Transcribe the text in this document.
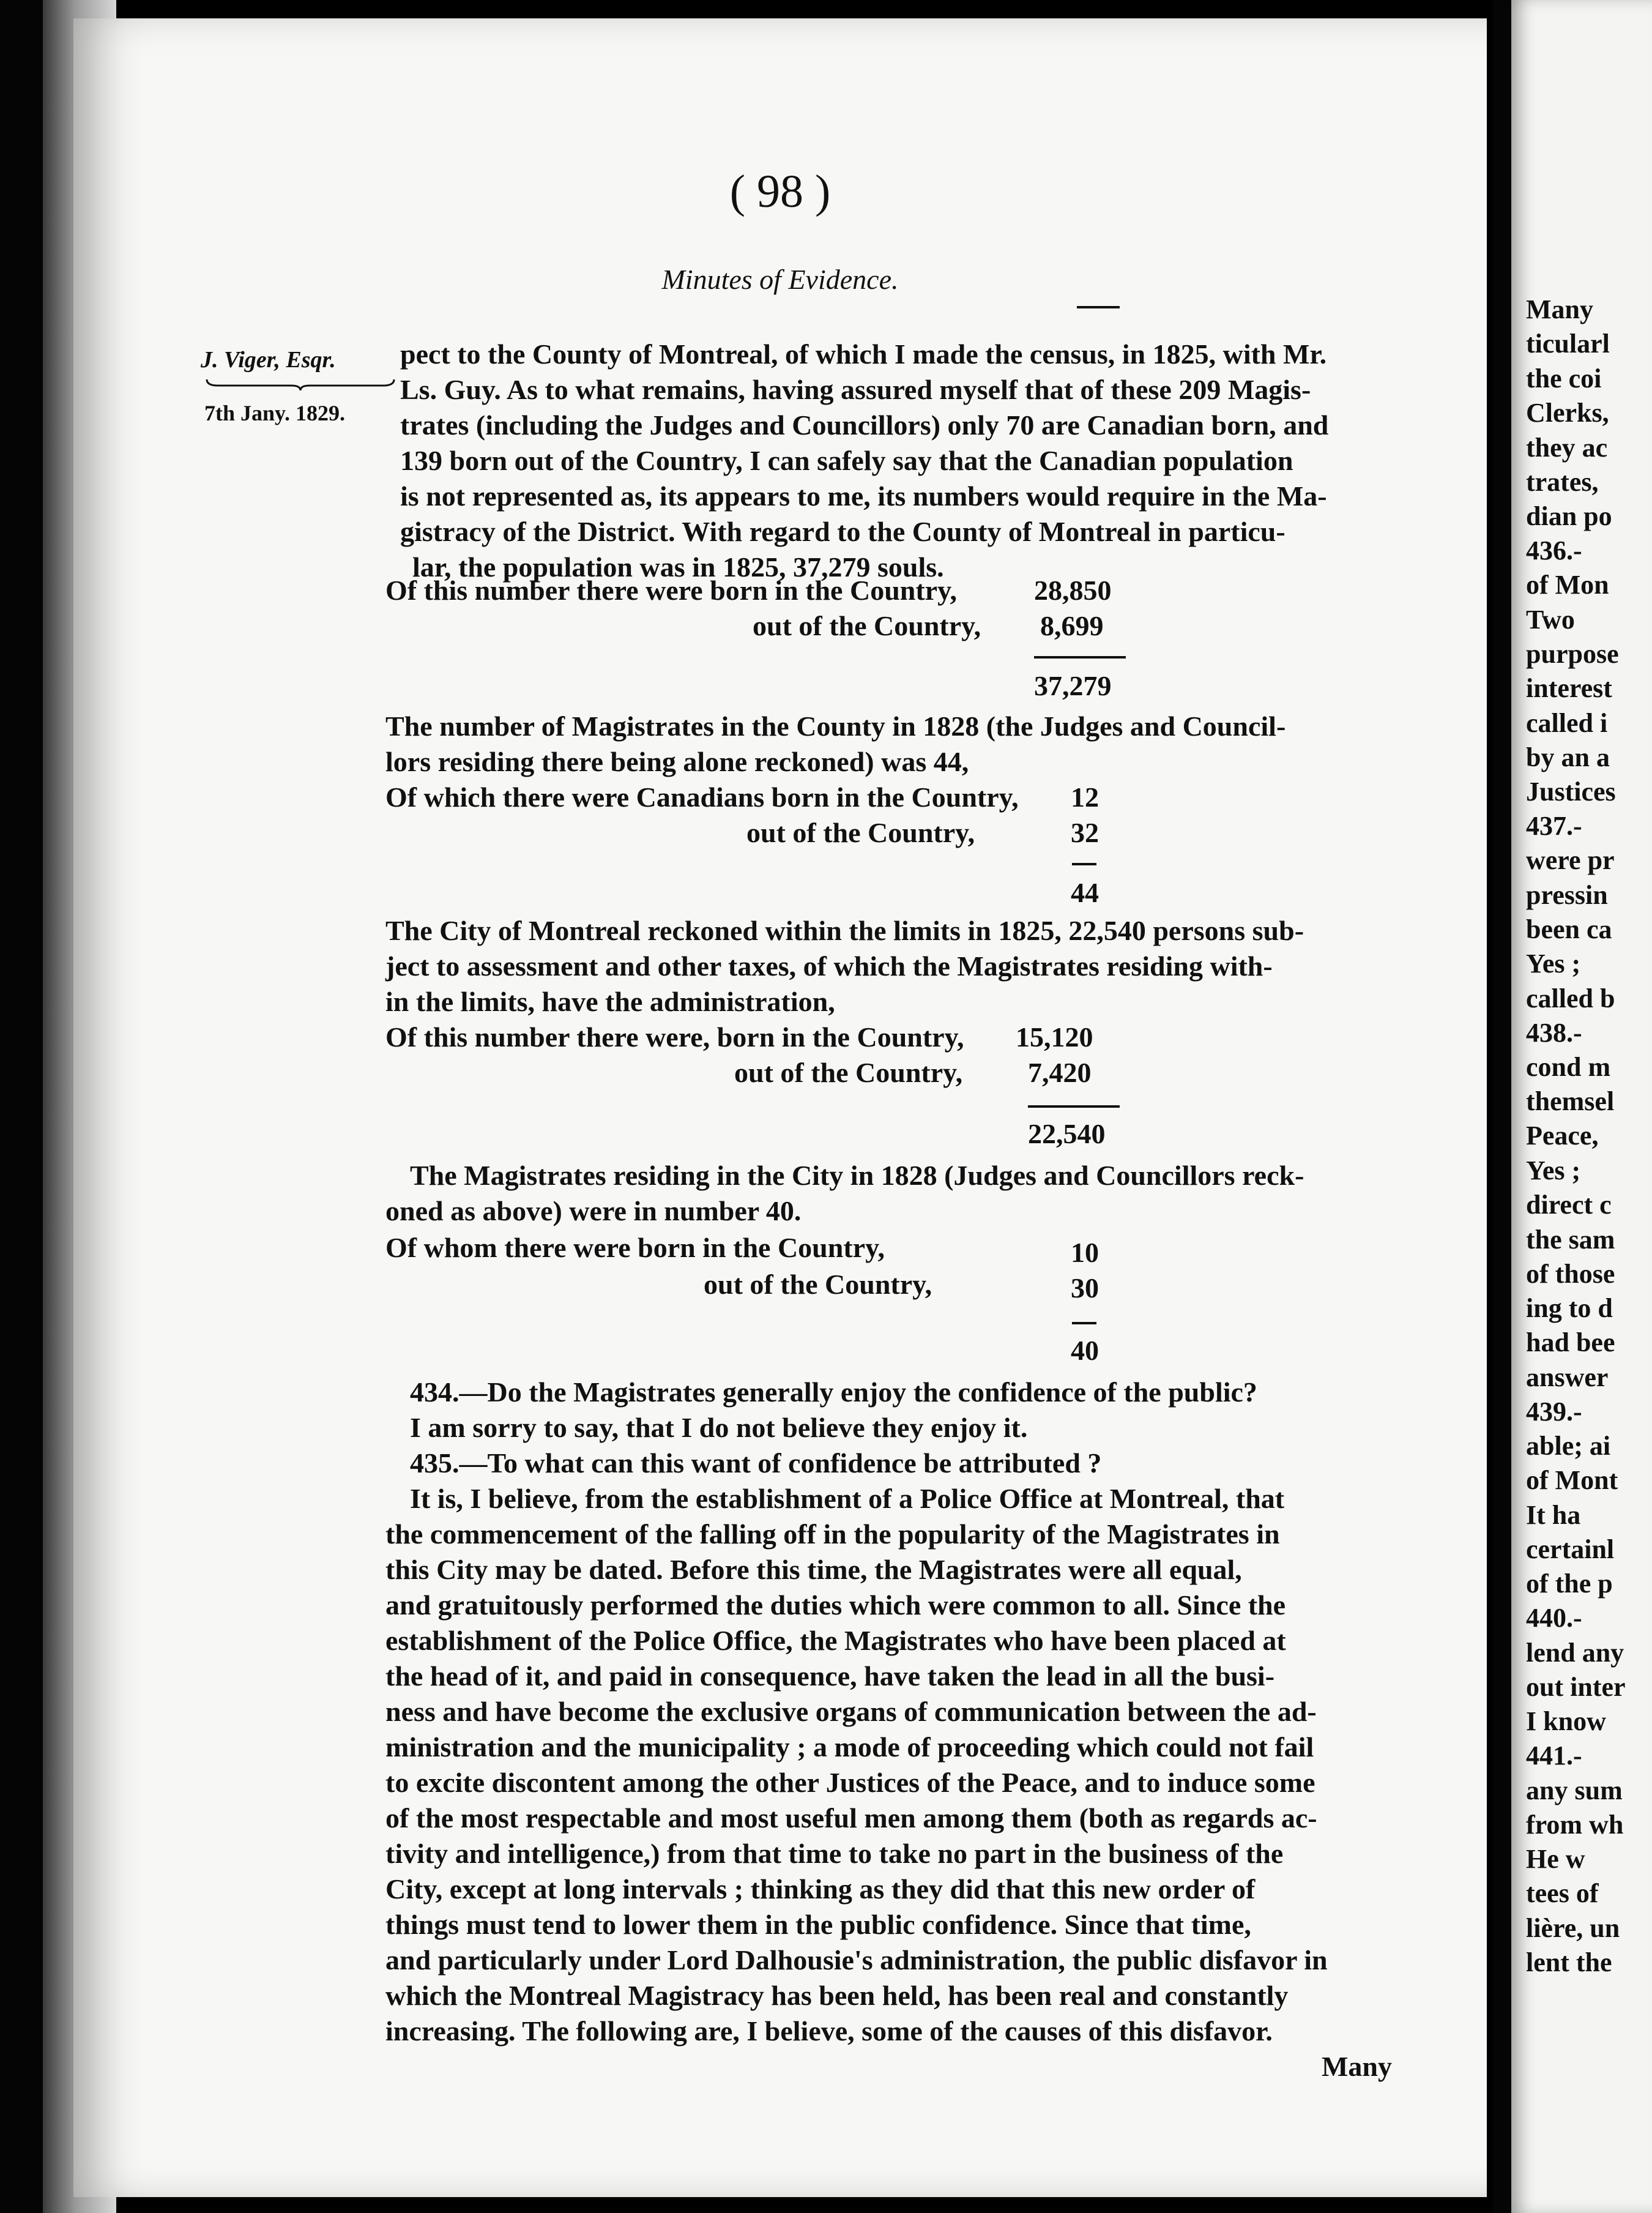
( 98 )
Minutes of Evidence.
J. Viger, Esqr.
7th Jany. 1829.
pect to the County of Montreal, of which I made the census, in 1825, with Mr.
Ls. Guy. As to what remains, having assured myself that of these 209 Magis-
trates (including the Judges and Councillors) only 70 are Canadian born, and
139 born out of the Country, I can safely say that the Canadian population
is not represented as, its appears to me, its numbers would require in the Ma-
gistracy of the District. With regard to the County of Montreal in particu-
lar, the population was in 1825, 37,279 souls.
Of this number there were born in the Country,	28,850
out of the Country, 8,699
37,279
The number of Magistrates in the County in 1828 (the Judges and Council-
lors residing there being alone reckoned) was 44,
Of which there were Canadians born in the Country, 12
out of the Country,	32
44
The City of Montreal reckoned within the limits in 1825, 22,540 persons sub-
ject to assessment and other taxes, of which the Magistrates residing with-
in the limits, have the administration,
Of this number there were, born in the Country, 15,120
out of the Country, 7,420
22,540
The Magistrates residing in the City in 1828 (Judges and Councillors reck-
oned as above) were in number 40.
Of whom there were born in the Country,	10
out of the Country,	30
40
434.—Do the Magistrates generally enjoy the confidence of the public?
I am sorry to say, that I do not believe they enjoy it.
435.—To what can this want of confidence be attributed ?
It is, I believe, from the establishment of a Police Office at Montreal, that
the commencement of the falling off in the popularity of the Magistrates in
this City may be dated. Before this time, the Magistrates were all equal,
and gratuitously performed the duties which were common to all. Since the
establishment of the Police Office, the Magistrates who have been placed at
the head of it, and paid in consequence, have taken the lead in all the busi-
ness and have become the exclusive organs of communication between the ad-
ministration and the municipality ; a mode of proceeding which could not fail
to excite discontent among the other Justices of the Peace, and to induce some
of the most respectable and most useful men among them (both as regards ac-
tivity and intelligence,) from that time to take no part in the business of the
City, except at long intervals ; thinking as they did that this new order of
things must tend to lower them in the public confidence. Since that time,
and particularly under Lord Dalhousie's administration, the public disfavor in
which the Montreal Magistracy has been held, has been real and constantly
increasing. The following are, I believe, some of the causes of this disfavor.
Many
Many
ticularl
the coi
Clerks,
they ac
trates,
dian po
436.-
of Mon
Two
purpose
interest
called i
by an a
Justices
437.-
were pr
pressin
been ca
Yes ;
called b
438.-
cond m
themsel
Peace,
Yes ;
direct c
the sam
of those
ing to d
had bee
answer
439.-
able; ai
of Mont
It ha
certainl
of the p
440.-
lend any
out inter
I know
441.-
any sum
from wh
He w
tees of
lière, un
lent the
